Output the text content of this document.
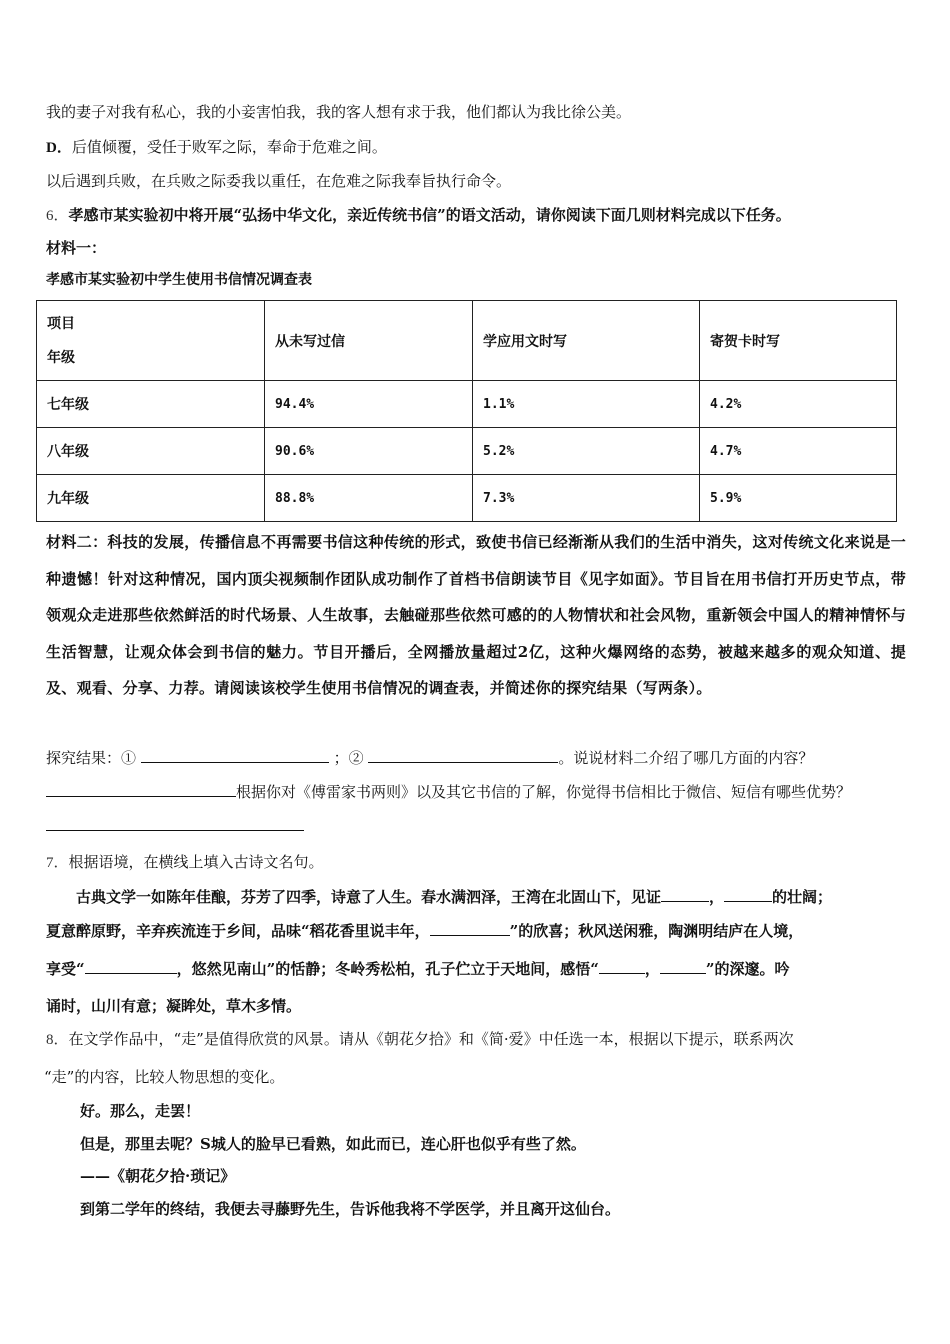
我的妻子对我有私心，我的小妾害怕我，我的客人想有求于我，他们都认为我比徐公美。
D．后值倾覆，受任于败军之际，奉命于危难之间。
以后遇到兵败，在兵败之际委我以重任，在危难之际我奉旨执行命令。
6．孝感市某实验初中将开展“弘扬中华文化，亲近传统书信”的语文活动，请你阅读下面几则材料完成以下任务。
材料一：
孝感市某实验初中学生使用书信情况调查表
项目
年级	从未写过信	学应用文时写	寄贺卡时写
七年级	94.4%	1.1%	4.2%
八年级	90.6%	5.2%	4.7%
九年级	88.8%	7.3%	5.9%
材料二：科技的发展，传播信息不再需要书信这种传统的形式，致使书信已经渐渐从我们的生活中消失，这对传统文化来说是一种遗憾！针对这种情况，国内顶尖视频制作团队成功制作了首档书信朗读节目《见字如面》。节目旨在用书信打开历史节点，带领观众走进那些依然鲜活的时代场景、人生故事，去触碰那些依然可感的的人物情状和社会风物，重新领会中国人的精神情怀与生活智慧，让观众体会到书信的魅力。节目开播后，全网播放量超过2亿，这种火爆网络的态势，被越来越多的观众知道、提及、观看、分享、力荐。请阅读该校学生使用书信情况的调查表，并简述你的探究结果（写两条）。
探究结果：①	；②	。说说材料二介绍了哪几方面的内容？
根据你对《傅雷家书两则》以及其它书信的了解，你觉得书信相比于微信、短信有哪些优势？
7．根据语境，在横线上填入古诗文名句。
古典文学一如陈年佳酿，芬芳了四季，诗意了人生。春水满泗泽，王湾在北固山下，见证	，	的壮阔；
夏意醉原野，辛弃疾流连于乡间，品味“稻花香里说丰年，	”的欣喜；秋风送闲雅，陶渊明结庐在人境，
享受“	，悠然见南山”的恬静；冬岭秀松柏，孔子伫立于天地间，感悟“	，	”的深邃。吟
诵时，山川有意；凝眸处，草木多情。
8．在文学作品中，“走”是值得欣赏的风景。请从《朝花夕拾》和《简·爱》中任选一本，根据以下提示，联系两次
“走”的内容，比较人物思想的变化。
好。那么，走罢！
但是，那里去呢？S城人的脸早已看熟，如此而已，连心肝也似乎有些了然。
——《朝花夕拾·琐记》
到第二学年的终结，我便去寻藤野先生，告诉他我将不学医学，并且离开这仙台。
